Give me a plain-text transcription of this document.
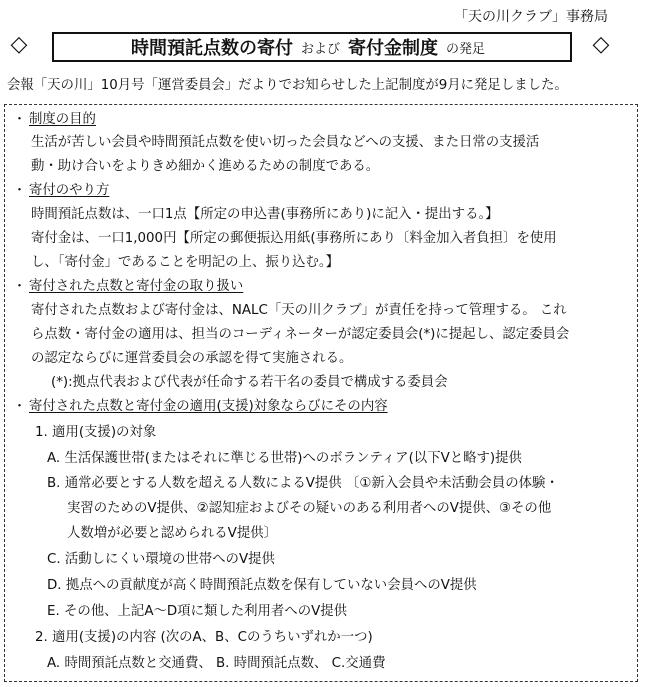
「天の川クラブ」事務局
◇	時間預託点数の寄付 および 寄付金制度 の発足	◇
会報「天の川」10月号「運営委員会」だよりでお知らせした上記制度が9月に発足しました。
・ 制度の目的
生活が苦しい会員や時間預託点数を使い切った会員などへの支援、また日常の支援活
動・助け合いをよりきめ細かく進めるための制度である。
・ 寄付のやり方
時間預託点数は、一口1点【所定の申込書(事務所にあり)に記入・提出する。】
寄付金は、一口1,000円【所定の郵便振込用紙(事務所にあり〔料金加入者負担〕を使用
し、「寄付金」であることを明記の上、振り込む。】
・ 寄付された点数と寄付金の取り扱い
寄付された点数および寄付金は、NALC「天の川クラブ」が責任を持って管理する。 これ
ら点数・寄付金の適用は、担当のコーディネーターが認定委員会(*)に提起し、認定委員会
の認定ならびに運営委員会の承認を得て実施される。
(*):拠点代表および代表が任命する若干名の委員で構成する委員会
・ 寄付された点数と寄付金の適用(支援)対象ならびにその内容
1. 適用(支援)の対象
A. 生活保護世帯(またはそれに準じる世帯)へのボランティア(以下Vと略す)提供
B. 通常必要とする人数を超える人数によるV提供 〔①新入会員や未活動会員の体験・
実習のためのV提供、②認知症およびその疑いのある利用者へのV提供、③その他
人数増が必要と認められるV提供〕
C. 活動しにくい環境の世帯へのV提供
D. 拠点への貢献度が高く時間預託点数を保有していない会員へのV提供
E. その他、上記A～D項に類した利用者へのV提供
2. 適用(支援)の内容 (次のA、B、Cのうちいずれか一つ)
A. 時間預託点数と交通費、 B. 時間預託点数、 C.交通費
